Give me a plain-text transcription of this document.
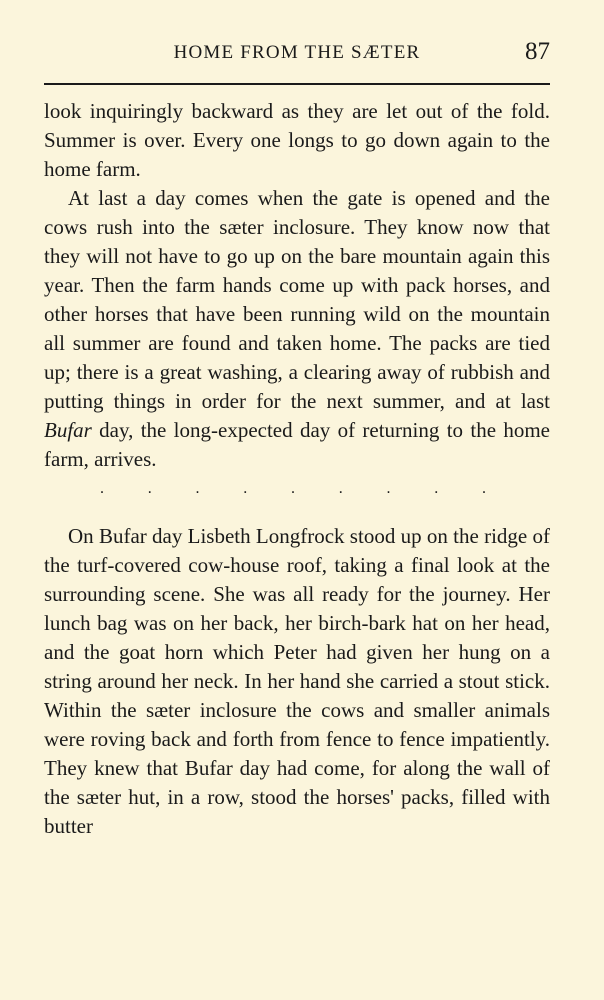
HOME FROM THE SÆTER	87

look inquiringly backward as they are let out of the fold. Summer is over. Every one longs to go down again to the home farm.

At last a day comes when the gate is opened and the cows rush into the sæter inclosure. They know now that they will not have to go up on the bare mountain again this year. Then the farm hands come up with pack horses, and other horses that have been running wild on the mountain all summer are found and taken home. The packs are tied up; there is a great washing, a clearing away of rubbish and putting things in order for the next summer, and at last Bufar day, the long-expected day of returning to the home farm, arrives.

.	.	.	.	.	.	.	.	.

On Bufar day Lisbeth Longfrock stood up on the ridge of the turf-covered cow-house roof, taking a final look at the surrounding scene. She was all ready for the journey. Her lunch bag was on her back, her birch-bark hat on her head, and the goat horn which Peter had given her hung on a string around her neck. In her hand she carried a stout stick. Within the sæter inclosure the cows and smaller animals were roving back and forth from fence to fence impatiently. They knew that Bufar day had come, for along the wall of the sæter hut, in a row, stood the horses' packs, filled with butter
